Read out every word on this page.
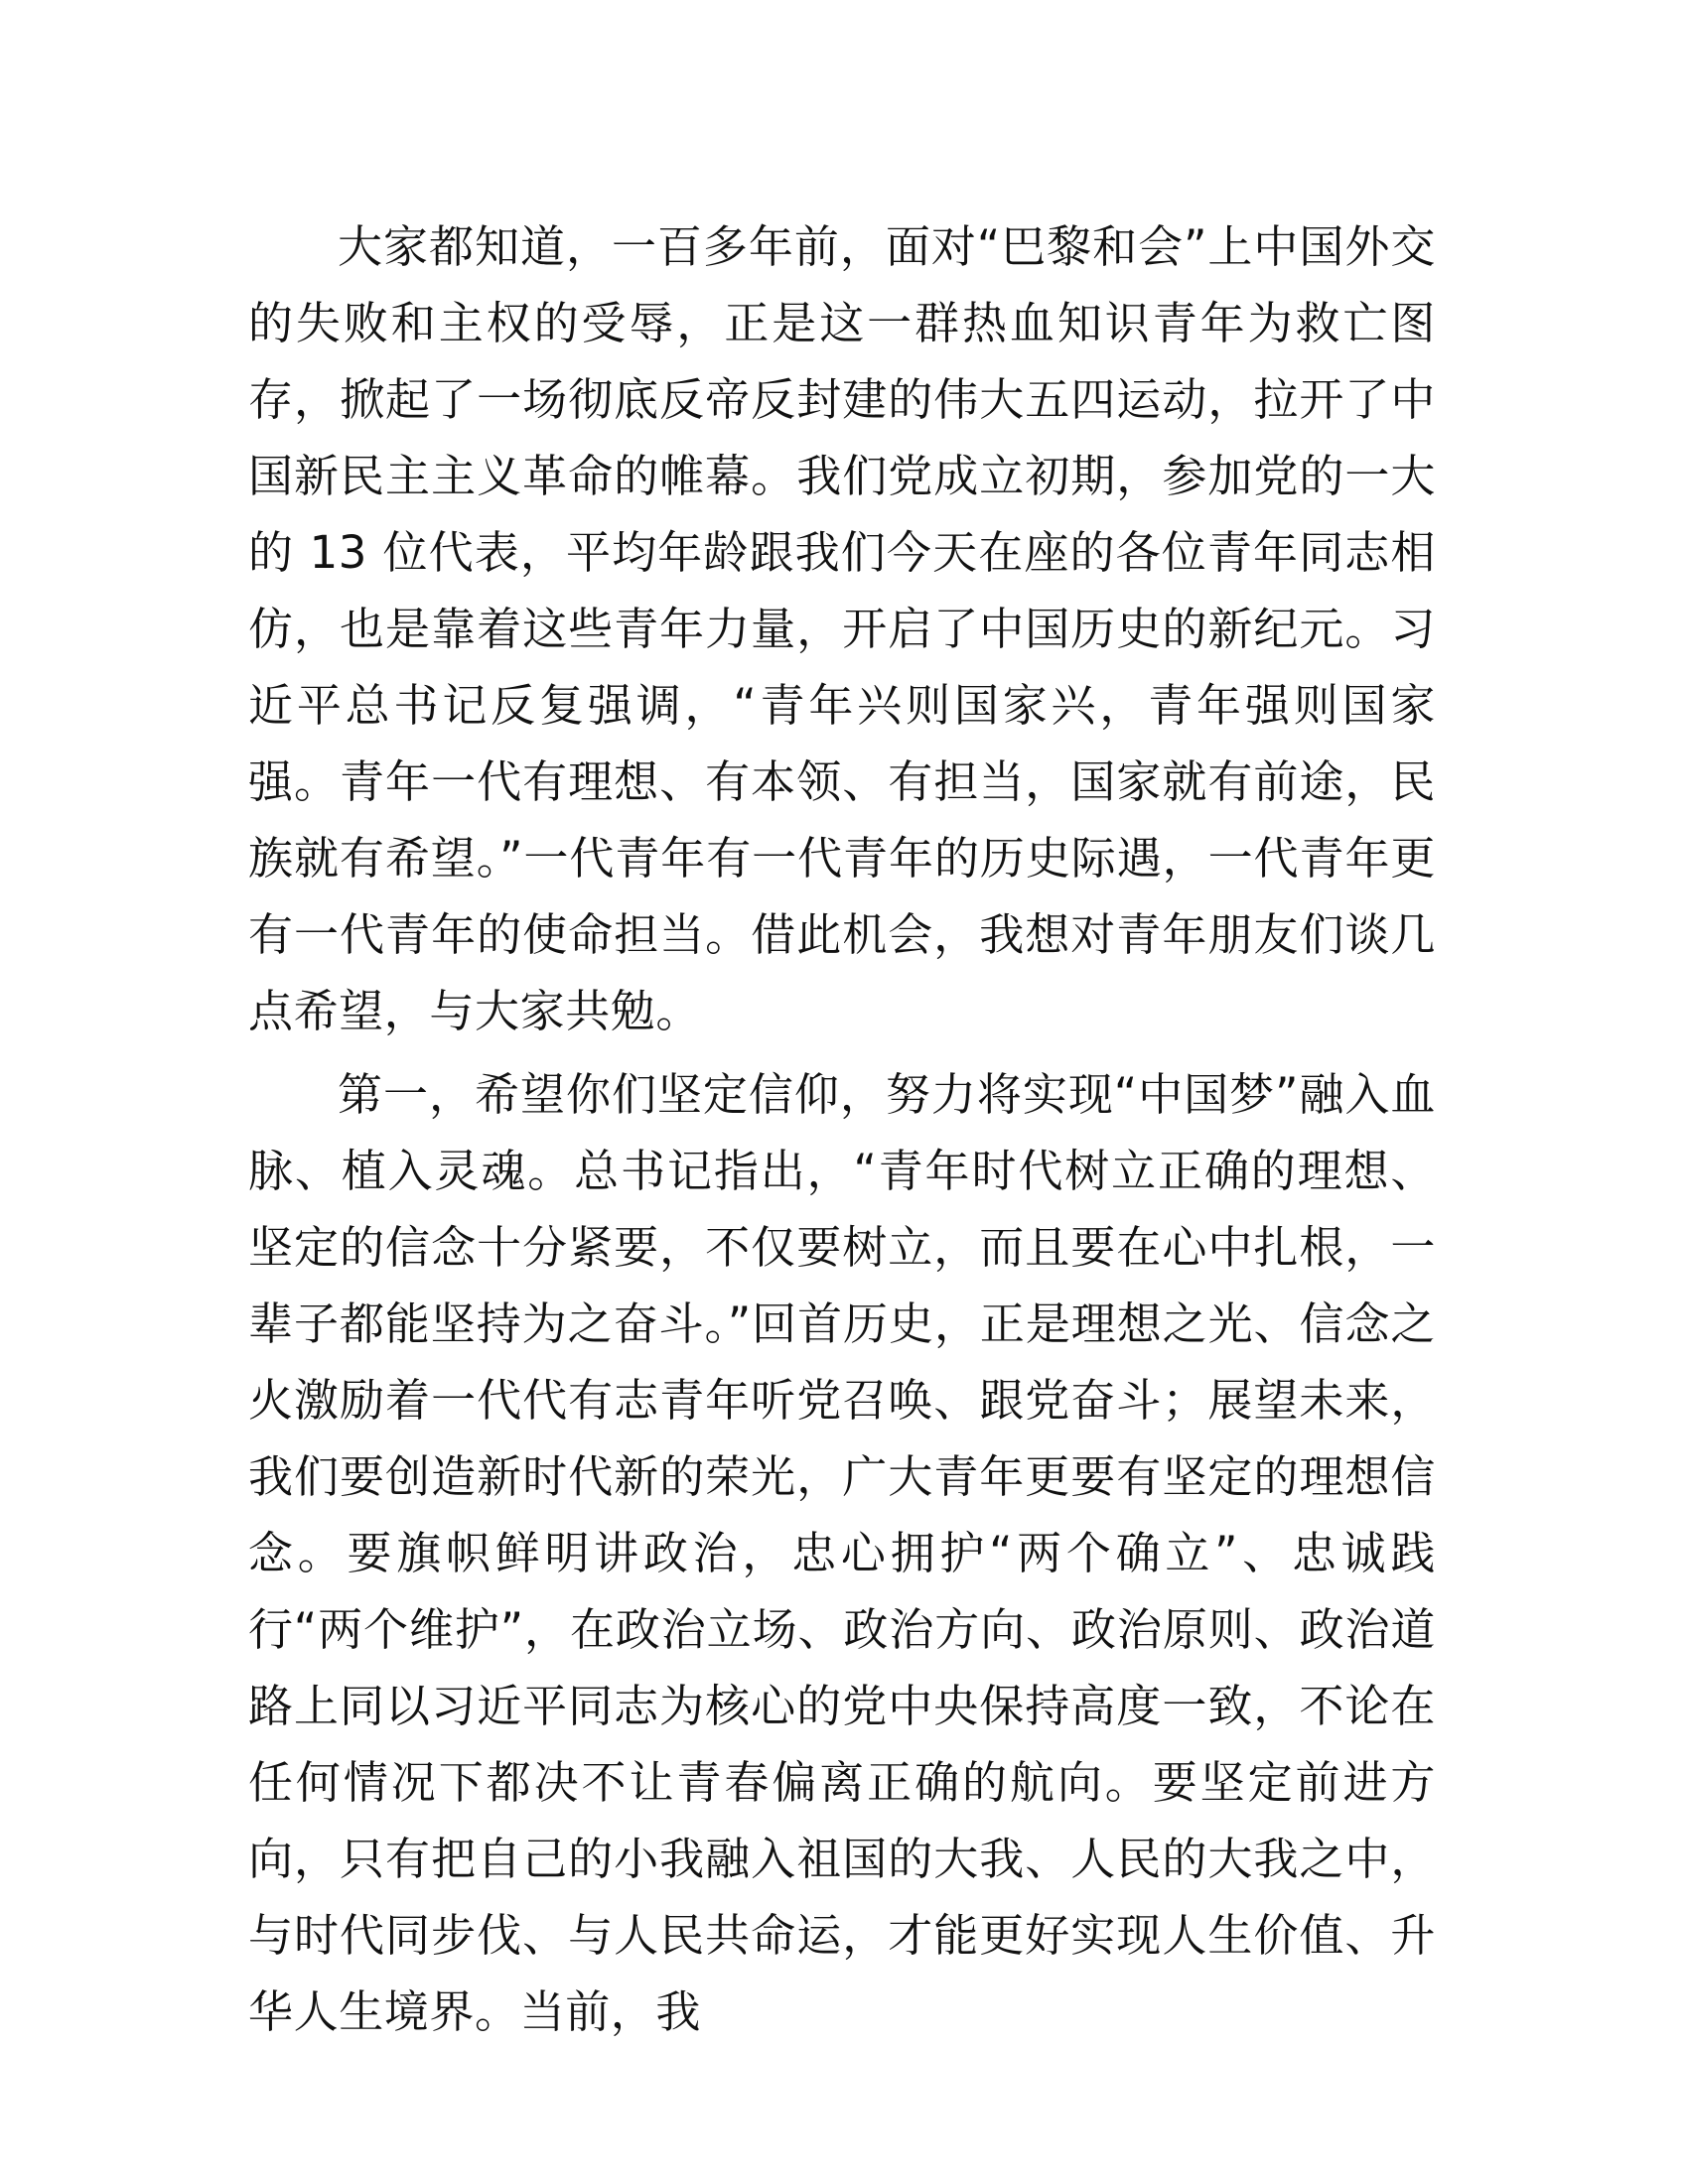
大家都知道，一百多年前，面对“巴黎和会”上中国外交的失败和主权的受辱，正是这一群热血知识青年为救亡图存，掀起了一场彻底反帝反封建的伟大五四运动，拉开了中国新民主主义革命的帷幕。我们党成立初期，参加党的一大的 13 位代表，平均年龄跟我们今天在座的各位青年同志相仿，也是靠着这些青年力量，开启了中国历史的新纪元。习近平总书记反复强调，“青年兴则国家兴，青年强则国家强。青年一代有理想、有本领、有担当，国家就有前途，民族就有希望。”一代青年有一代青年的历史际遇，一代青年更有一代青年的使命担当。借此机会，我想对青年朋友们谈几点希望，与大家共勉。

第一，希望你们坚定信仰，努力将实现“中国梦”融入血脉、植入灵魂。总书记指出，“青年时代树立正确的理想、坚定的信念十分紧要，不仅要树立，而且要在心中扎根，一辈子都能坚持为之奋斗。”回首历史，正是理想之光、信念之火激励着一代代有志青年听党召唤、跟党奋斗；展望未来，我们要创造新时代新的荣光，广大青年更要有坚定的理想信念。要旗帜鲜明讲政治，忠心拥护“两个确立”、忠诚践行“两个维护”，在政治立场、政治方向、政治原则、政治道路上同以习近平同志为核心的党中央保持高度一致，不论在任何情况下都决不让青春偏离正确的航向。要坚定前进方向，只有把自己的小我融入祖国的大我、人民的大我之中，与时代同步伐、与人民共命运，才能更好实现人生价值、升华人生境界。当前，我
